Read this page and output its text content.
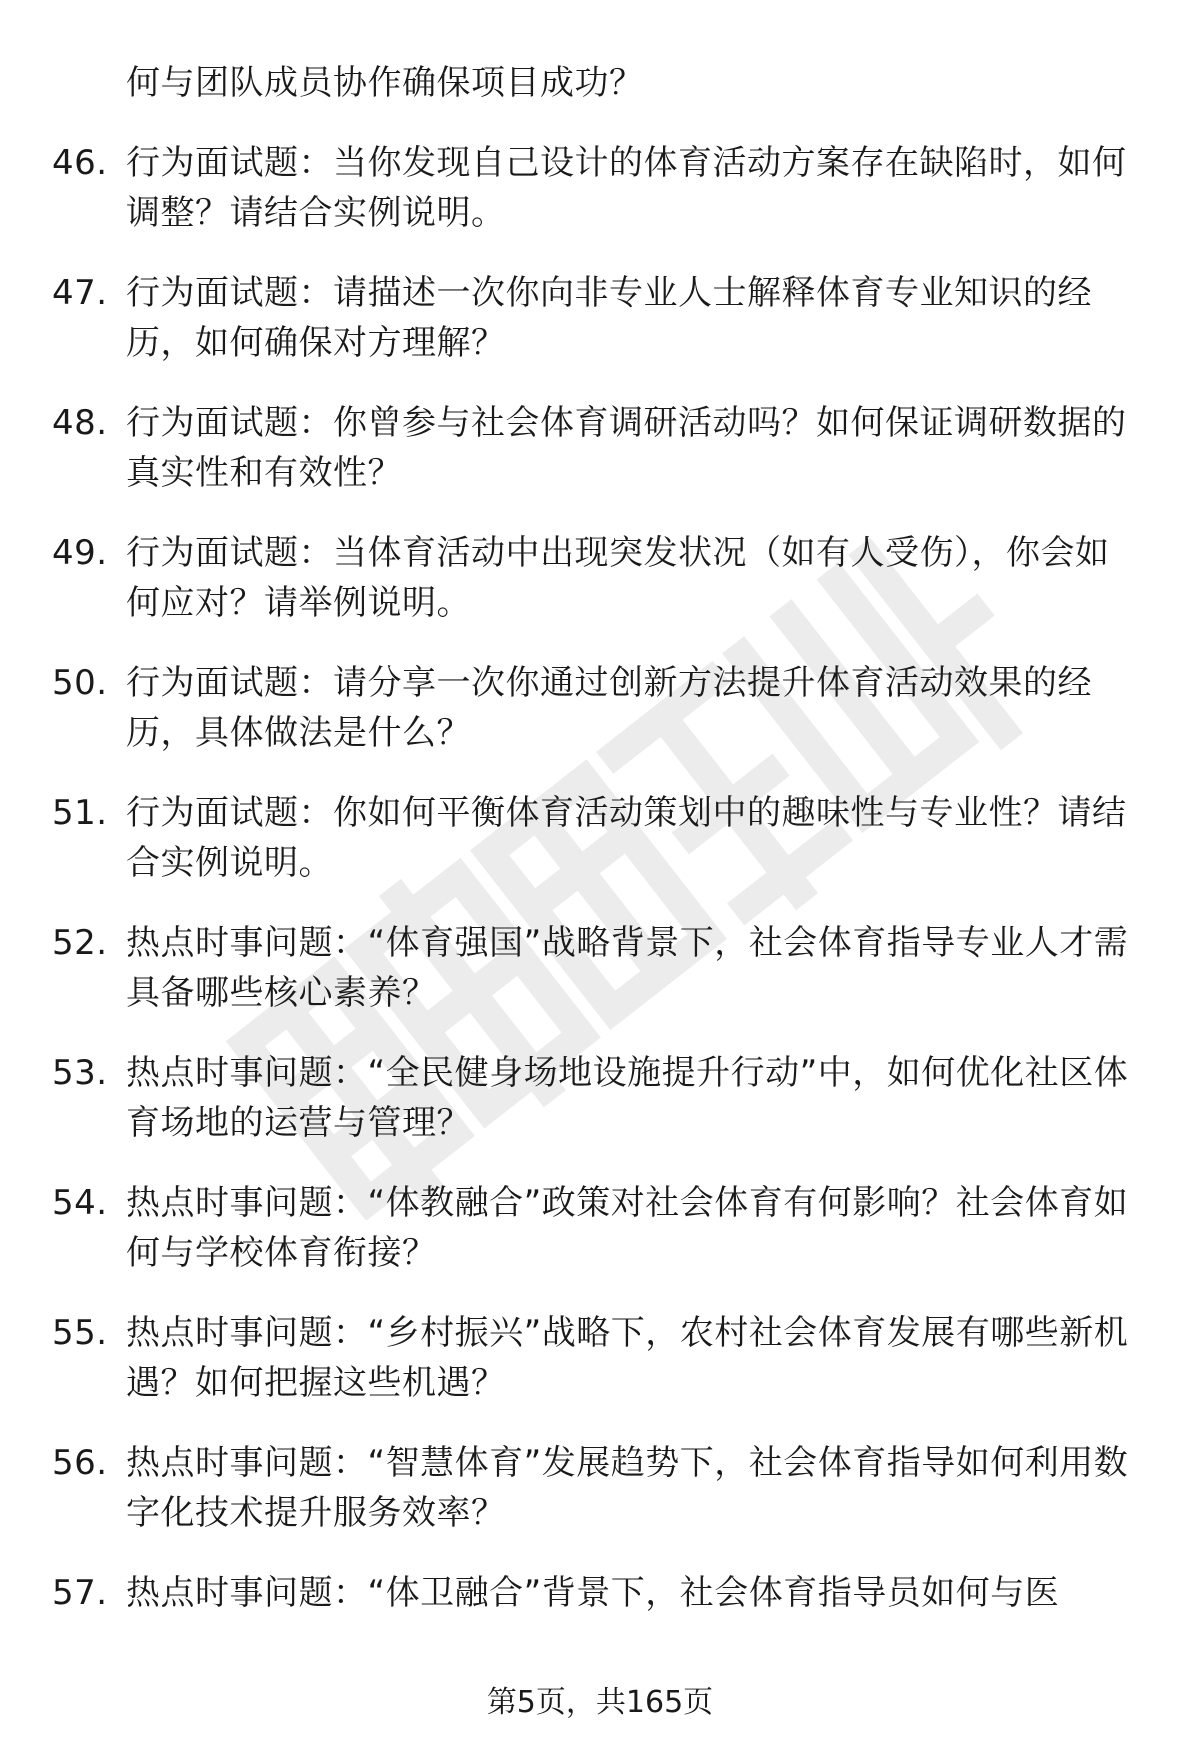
何与团队成员协作确保项目成功？
46. 行为面试题：当你发现自己设计的体育活动方案存在缺陷时，如何调整？请结合实例说明。
47. 行为面试题：请描述一次你向非专业人士解释体育专业知识的经历，如何确保对方理解？
48. 行为面试题：你曾参与社会体育调研活动吗？如何保证调研数据的真实性和有效性？
49. 行为面试题：当体育活动中出现突发状况（如有人受伤），你会如何应对？请举例说明。
50. 行为面试题：请分享一次你通过创新方法提升体育活动效果的经历，具体做法是什么？
51. 行为面试题：你如何平衡体育活动策划中的趣味性与专业性？请结合实例说明。
52. 热点时事问题：“体育强国”战略背景下，社会体育指导专业人才需具备哪些核心素养？
53. 热点时事问题：“全民健身场地设施提升行动”中，如何优化社区体育场地的运营与管理？
54. 热点时事问题：“体教融合”政策对社会体育有何影响？社会体育如何与学校体育衔接？
55. 热点时事问题：“乡村振兴”战略下，农村社会体育发展有哪些新机遇？如何把握这些机遇？
56. 热点时事问题：“智慧体育”发展趋势下，社会体育指导如何利用数字化技术提升服务效率？
57. 热点时事问题：“体卫融合”背景下，社会体育指导员如何与医
第5页，共165页
